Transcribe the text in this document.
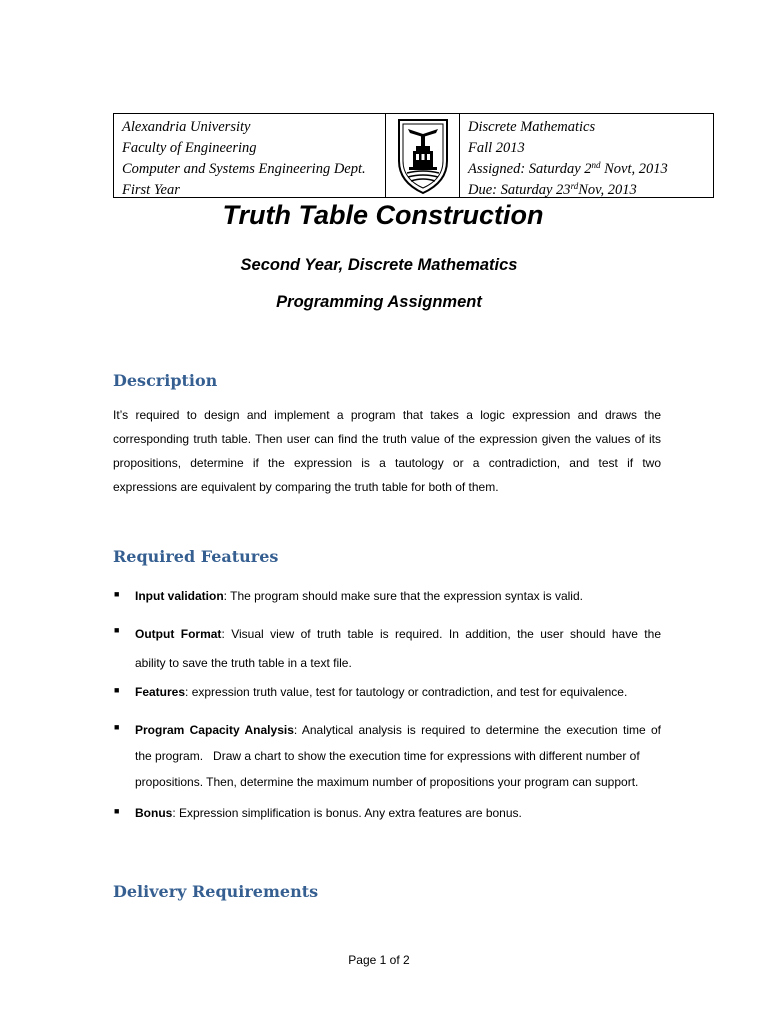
Alexandria University
Faculty of Engineering
Computer and Systems Engineering Dept.
First Year
Discrete Mathematics
Fall 2013
Assigned: Saturday 2nd Novt, 2013
Due: Saturday 23rdNov, 2013
Truth Table Construction
Second Year, Discrete Mathematics
Programming Assignment
Description
It’s required to design and implement a program that takes a logic expression and draws the
corresponding truth table. Then user can find the truth value of the expression given the values of its
propositions, determine if the expression is a tautology or a contradiction, and test if two
expressions are equivalent by comparing the truth table for both of them.
Required Features
■ Input validation: The program should make sure that the expression syntax is valid.
■ Output Format: Visual view of truth table is required. In addition, the user should have the
ability to save the truth table in a text file.
■ Features: expression truth value, test for tautology or contradiction, and test for equivalence.
■ Program Capacity Analysis: Analytical analysis is required to determine the execution time of
the program.   Draw a chart to show the execution time for expressions with different number of
propositions. Then, determine the maximum number of propositions your program can support.
■ Bonus: Expression simplification is bonus. Any extra features are bonus.
Delivery Requirements
Page 1 of 2
